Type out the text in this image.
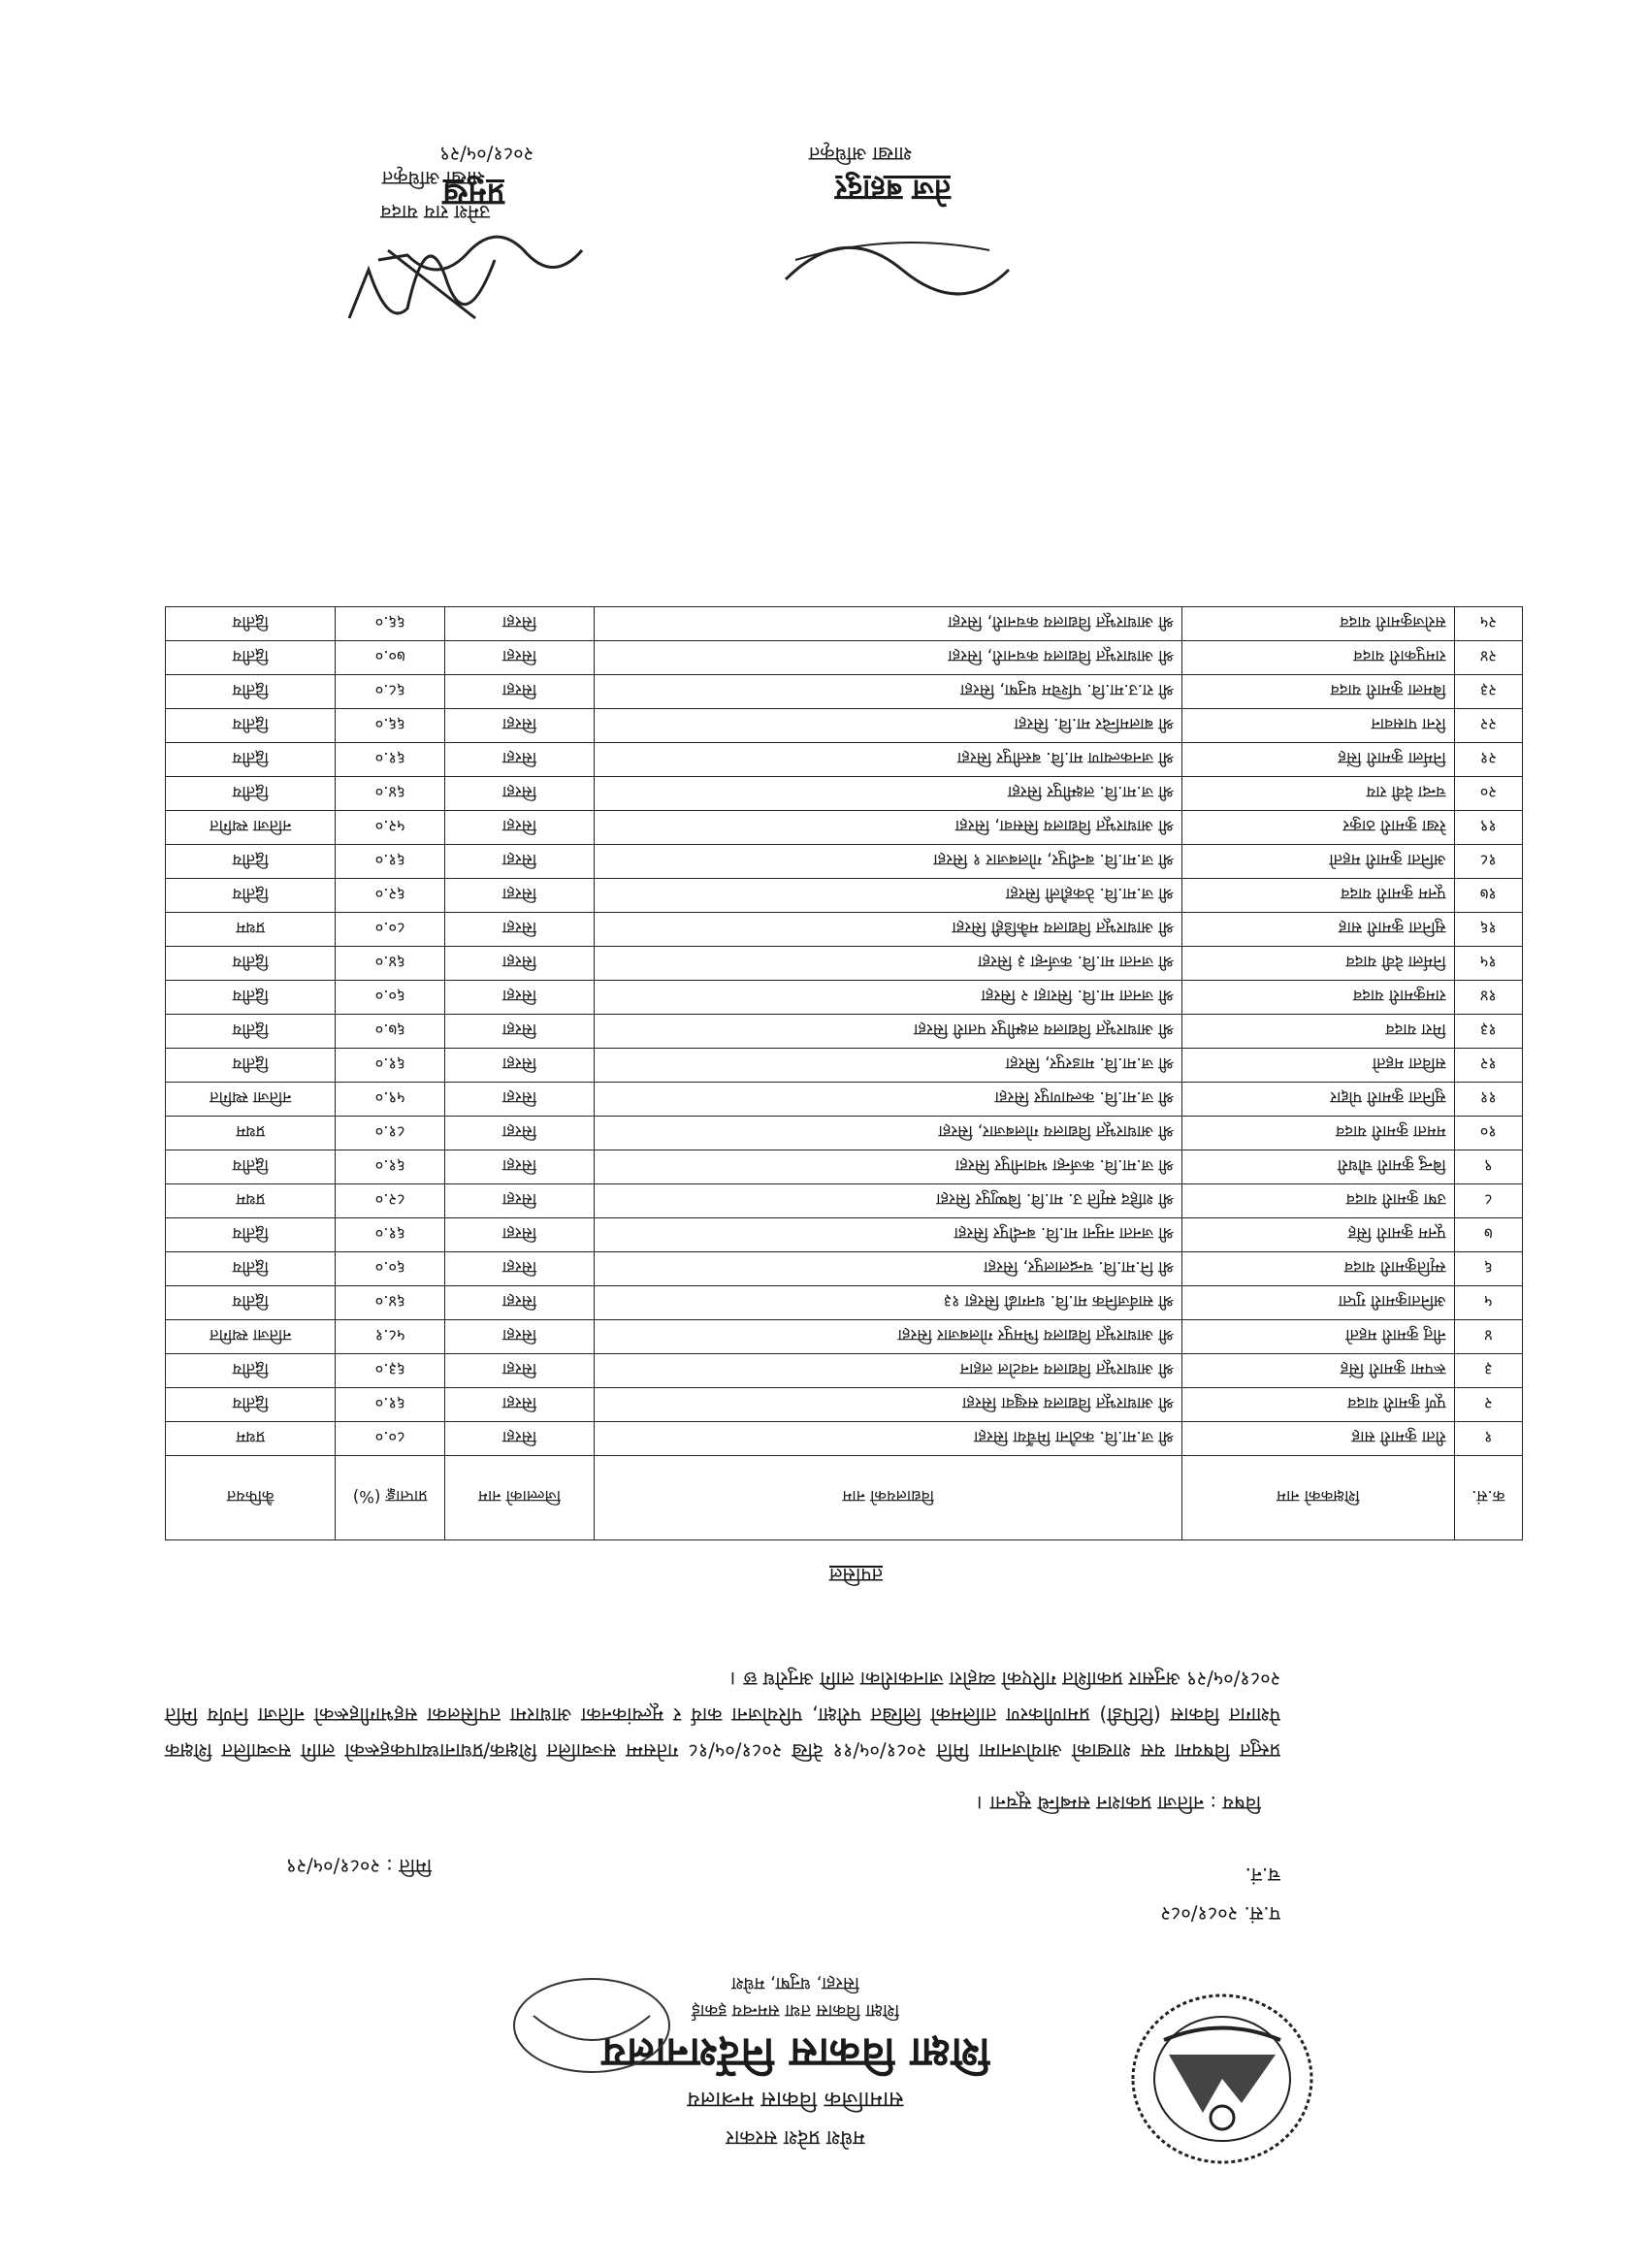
मधेश प्रदेश सरकार
सामाजिक विकास मन्त्रालय
शिक्षा विकास निर्देशनालय
शिक्षा विकास तथा समन्वय इकाई
सिरहा, धनुषा, मधेश
प.सं. २०८१/०८२
च.नं.
मिति : २०८१/०५/२९
विषय : नतिजा प्रकाशन सम्बन्धि सूचना ।
प्रस्तुत विषयमा यस शाखाको आयोजनामा मिति २०८१/०५/११ देखि २०८१/०५/१८ गतेसम्म सञ्चालित शिक्षक/प्रधानाध्यापकहरूको लागि सञ्चालित शिक्षक पेशागत विकास (टिपिडी) प्रमाणीकरण तालिमको लिखित परीक्षा, परियोजना कार्य र मूल्यांकनका आधारमा तपसिलका सहभागीहरूको नतिजा निर्णय मिति २०८१/०५/२९ अनुसार प्रकाशित गरिएको व्यहोरा जानकारीका लागि अनुरोध छ ।
तपसिल
क.सं.	शिक्षकको नाम	विद्यालयको नाम	जिल्लाको नाम	प्राप्ताङ्क (%)	कैफियत
१	रीता कुमारी साह	श्री ज.मा.वि. कठौना मिर्चैया सिरहा	सिरहा	८०.०	प्रथम
२	पूर्ण कुमारी यादव	श्री आधारभूत विद्यालय सखुवा सिरहा	सिरहा	६१.०	द्वितीय
३	रूपमा कुमारी सिंह	श्री आधारभूत विद्यालय नवटोल लहान	सिरहा	६३.०	द्वितीय
४	नीतु कुमारी महतो	श्री आधारभूत विद्यालय भिमपुर गोलबजार सिरहा	सिरहा	५८.१	नतिजा स्थगित
५	अनिताकुमारी गुप्ता	श्री सार्वजनिक मा.वि. धनगढी सिरहा १३	सिरहा	६४.०	द्वितीय
६	स्मृतिकुमारी यादव	श्री नि.मा.वि. चन्द्रलालपुर, सिरहा	सिरहा	६०.०	द्वितीय
७	पूनम कुमारी सिंह	श्री जनता नमुना मा.वि. बन्दीपुर सिरहा	सिरहा	६१.०	द्वितीय
८	उषा कुमारी यादव	श्री शहिद स्मृति उ. मा.वि. बिष्णुपुर सिरहा	सिरहा	८२.०	प्रथम
९	बिन्दु कुमारी चौधरी	श्री ज.मा.वि. कर्जन्हा भवानीपुर सिरहा	सिरहा	६१.०	द्वितीय
१०	ममता कुमारी यादव	श्री आधारभूत विद्यालय गोलबजार, सिरहा	सिरहा	८१.०	प्रथम
११	सुनिता कुमारी पोद्दार	श्री ज.मा.वि. कल्याणपुर सिरहा	सिरहा	५९.०	नतिजा स्थगित
१२	सविता महतो	श्री ज.मा.वि. माडरपुर, सिरहा	सिरहा	६१.०	द्वितीय
१३	मिरा यादव	श्री आधारभूत विद्यालय लक्ष्मीपुर पतारी सिरहा	सिरहा	६७.०	द्वितीय
१४	रामकुमारी यादव	श्री जनता मा.वि. सिराहा २ सिरहा	सिरहा	६०.०	द्वितीय
१५	निर्मला देवी यादव	श्री जनता मा.वि. कर्जन्हा ३ सिरहा	सिरहा	६४.०	द्वितीय
१६	सुनिता कुमारी साह	श्री आधारभूत विद्यालय मकैडिही सिरहा	सिरहा	८०.०	प्रथम
१७	पूनम कुमारी यादव	श्री ज.मा.वि. ठेकहौली सिरहा	सिरहा	६२.०	द्वितीय
१८	अनिता कुमारी महतो	श्री ज.मा.वि. बन्दीपुर, गोलबजार १ सिरहा	सिरहा	६१.०	द्वितीय
१९	रेखा कुमारी ठाकुर	श्री आधारभूत विद्यालय सिसवा, सिरहा	सिरहा	५२.०	नतिजा स्थगित
२०	चन्दा देवी राय	श्री ज.मा.वि. लक्ष्मीपुर सिरहा	सिरहा	६४.०	द्वितीय
२१	निर्मला कुमारी सिंह	श्री जनकल्याण मा.वि. बस्तीपुर सिरहा	सिरहा	६१.०	द्वितीय
२२	रिना पासवान	श्री बालमन्दिर मा.वि. सिरहा	सिरहा	६६.०	द्वितीय
२३	बिमला कुमारी यादव	श्री रा.उ.मा.वि. पश्चिम धनुषा, सिरहा	सिरहा	६८.०	द्वितीय
२४	रामपुकारी यादव	श्री आधारभूत विद्यालय कचनारी, सिरहा	सिरहा	७०.०	द्वितीय
२५	सरोजकुमारी यादव	श्री आधारभूत विद्यालय कचनारी, सिरहा	सिरहा	६६.०	द्वितीय
उमेश राय यादव
शाखा अधिकृत	तेज बहादुर
शाखा अधिकृत
प्रमुख
२०८१/०५/२९
